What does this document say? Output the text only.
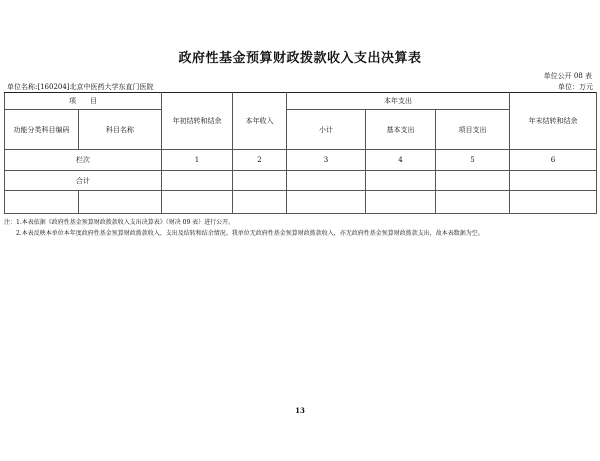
政府性基金预算财政拨款收入支出决算表
单位公开 08 表
单位名称:[160204]北京中医药大学东直门医院	单位：万元
项　　目		年初结转和结余	本年收入	本年支出			年末结转和结余
功能分类科目编码	科目名称			小计	基本支出	项目支出	
栏次		1	2	3	4	5	6
合计							

注：1.本表依据《政府性基金预算财政拨款收入支出决算表》（财决 09 表）进行公开。
2.本表反映本单位本年度政府性基金预算财政拨款收入、支出及结转和结余情况。我单位无政府性基金预算财政拨款收入，亦无政府性基金预算财政拨款支出，故本表数据为空。
13
